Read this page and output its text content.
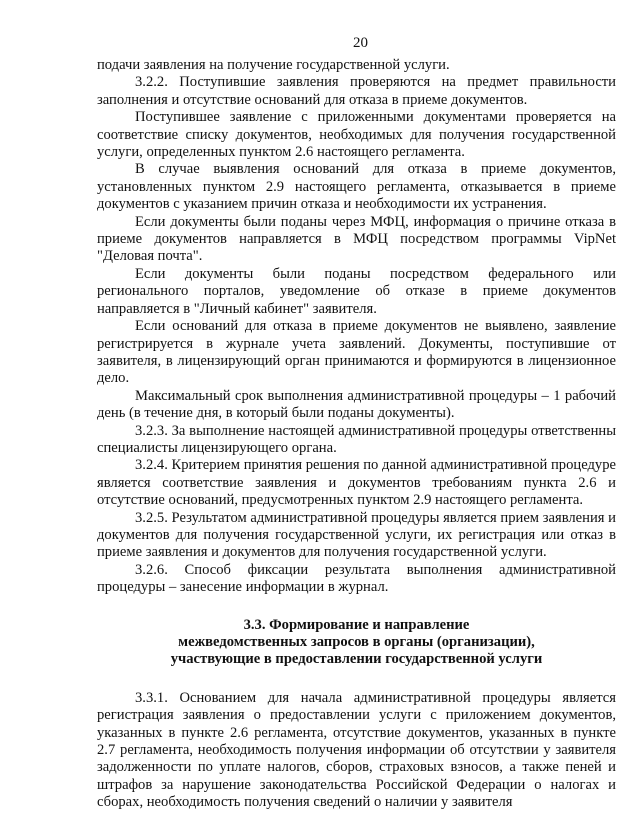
20

подачи заявления на получение государственной услуги.

3.2.2. Поступившие заявления проверяются на предмет правильности заполнения и отсутствие оснований для отказа в приеме документов.

Поступившее заявление с приложенными документами проверяется на соответствие списку документов, необходимых для получения государственной услуги, определенных пунктом 2.6 настоящего регламента.

В случае выявления оснований для отказа в приеме документов, установленных пунктом 2.9 настоящего регламента, отказывается в приеме документов с указанием причин отказа и необходимости их устранения.

Если документы были поданы через МФЦ, информация о причине отказа в приеме документов направляется в МФЦ посредством программы VipNet "Деловая почта".

Если документы были поданы посредством федерального или регионального порталов, уведомление об отказе в приеме документов направляется в "Личный кабинет" заявителя.

Если оснований для отказа в приеме документов не выявлено, заявление регистрируется в журнале учета заявлений. Документы, поступившие от заявителя, в лицензирующий орган принимаются и формируются в лицензионное дело.

Максимальный срок выполнения административной процедуры – 1 рабочий день (в течение дня, в который были поданы документы).

3.2.3. За выполнение настоящей административной процедуры ответственны специалисты лицензирующего органа.

3.2.4. Критерием принятия решения по данной административной процедуре является соответствие заявления и документов требованиям пункта 2.6 и отсутствие оснований, предусмотренных пунктом 2.9 настоящего регламента.

3.2.5. Результатом административной процедуры является прием заявления и документов для получения государственной услуги, их регистрация или отказ в приеме заявления и документов для получения государственной услуги.

3.2.6. Способ фиксации результата выполнения административной процедуры – занесение информации в журнал.

3.3. Формирование и направление
межведомственных запросов в органы (организации),
участвующие в предоставлении государственной услуги

3.3.1. Основанием для начала административной процедуры является регистрация заявления о предоставлении услуги с приложением документов, указанных в пункте 2.6 регламента, отсутствие документов, указанных в пункте 2.7 регламента, необходимость получения информации об отсутствии у заявителя задолженности по уплате налогов, сборов, страховых взносов, а также пеней и штрафов за нарушение законодательства Российской Федерации о налогах и сборах, необходимость получения сведений о наличии у заявителя
